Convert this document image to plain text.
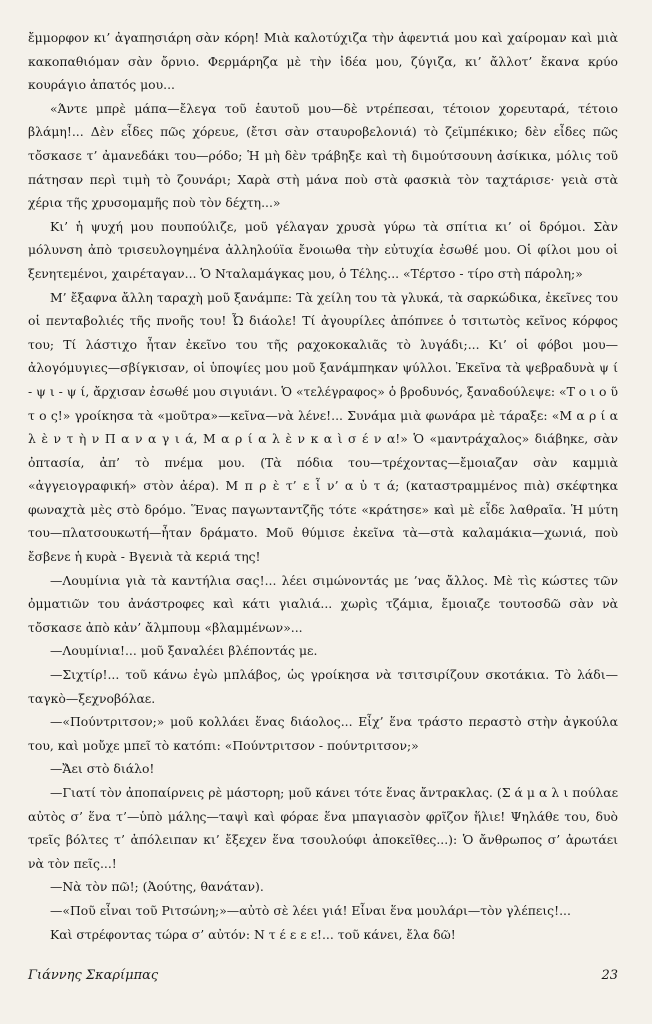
ἔμμορφον κι’ ἀγαπησιάρη σὰν κόρη! Μιὰ καλοτύχιζα τὴν ἀφεντιά μου καὶ χαίρομαν καὶ μιὰ κακοπαθιόμαν σὰν ὄρνιο. Φερμάρηζα μὲ τὴν ἰδέα μου, ζύγιζα, κι’ ἄλλοτ’ ἔκανα κρύο κουράγιο ἀπατός μου...

«Άντε μπρὲ μάπα—ἔλεγα τοῦ ἑαυτοῦ μου—δὲ ντρέπεσαι, τέτοιον χορευταρά, τέτοιο βλάμη!... Δὲν εἶδες πῶς χόρευε, (ἔτσι σὰν σταυροβελονιά) τὸ ζεϊμπέκικο; δὲν εἶδες πῶς τὄσκασε τ’ ἀμανεδάκι του—ρόδο; Ἡ μὴ δὲν τράβηξε καὶ τὴ διμούτσουνη ἀσίκικα, μόλις τοῦ πάτησαν περὶ τιμὴ τὸ ζουνάρι; Χαρὰ στὴ μάνα ποὺ στὰ φασκιὰ τὸν ταχτάρισε· γειὰ στὰ χέρια τῆς χρυσομαμῆς ποὺ τὸν δέχτη...»

Κι’ ἡ ψυχή μου πουπούλιζε, μοῦ γέλαγαν χρυσὰ γύρω τὰ σπίτια κι’ οἱ δρόμοι. Σὰν μόλυνση ἀπὸ τρισευλογημένα ἀλληλούϊα ἔνοιωθα τὴν εὐτυχία ἐσωθέ μου. Οἱ φίλοι μου οἱ ξενητεμένοι, χαιρέταγαν... Ὁ Νταλαμάγκας μου, ὁ Τέλης... «Τέρτσο - τίρο στὴ πάρολη;»

Μ’ ἔξαφνα ἄλλη ταραχὴ μοῦ ξανάμπε: Τὰ χείλη του τὰ γλυκά, τὰ σαρκώδικα, ἐκεῖνες του οἱ πενταβολιές τῆς πνοῆς του! Ὦ διάολε! Τί ἀγουρίλες ἀπόπνεε ὁ τσιτωτὸς κεῖνος κόρφος του; Τί λάστιχο ἦταν ἐκεῖνο του τῆς ραχοκοκαλιᾶς τὸ λυγάδι;... Κι’ οἱ φόβοι μου—ἀλογόμυγιες—σβίγκισαν, οἱ ὑποψίες μου μοῦ ξανάμπηκαν ψύλλοι. Ἐκεῖνα τὰ ψεβραδυνὰ ψ ί - ψ ι - ψ ί, ἄρχισαν ἐσωθέ μου σιγυιάνι. Ὁ «τελέγραφος» ὁ βροδυνός, ξαναδούλεψε: «Τ ο ι ο ῦ τ ο ς!» γροίκησα τὰ «μοῦτρα»—κεῖνα—νὰ λένε!... Συνάμα μιὰ φωνάρα μὲ τάραξε: «Μ α ρ ί α λ ὲ ν τ ὴ ν Π α ν α γ ι ά, Μ α ρ ί α λ ὲ ν κ α ὶ σ έ ν α!» Ὁ «μαντράχαλος» διάβηκε, σὰν ὀπτασία, ἀπ’ τὸ πνέμα μου. (Τὰ πόδια του—τρέχοντας—ἔμοιαζαν σὰν καμμιὰ «ἀγγειογραφική» στὸν ἀέρα). Μ π ρ ὲ τ’ ε ἶ ν’ α ὐ τ ά; (καταστραμμένος πιὰ) σκέφτηκα φωναχτὰ μὲς στὸ δρόμο. Ἕνας παγωνταντζῆς τότε «κράτησε» καὶ μὲ εἶδε λαθραῖα. Ἡ μύτη του—πλατσουκωτή—ἦταν δράματο. Μοῦ θύμισε ἐκεῖνα τὰ—στὰ καλαμάκια—χωνιά, ποὺ ἔσβενε ἡ κυρὰ - Βγενιὰ τὰ κεριά της!

—Λουμίνια γιὰ τὰ καντήλια σας!... λέει σιμώνοντάς με ’νας ἄλλος. Μὲ τὶς κώστες τῶν ὀμματιῶν του ἀνάστροφες καὶ κάτι γιαλιά... χωρὶς τζάμια, ἔμοιαζε τουτοσδῶ σὰν νὰ τὄσκασε ἀπὸ κἀν’ ἄλμπουμ «βλαμμένων»...

—Λουμίνια!... μοῦ ξαναλέει βλέποντάς με.

—Σιχτίρ!... τοῦ κάνω ἐγὼ μπλάβος, ὡς γροίκησα νὰ τσιτσιρίζουν σκοτάκια. Τὸ λάδι—ταγκὸ—ξεχνοβόλαε.

—«Πούντριτσον;» μοῦ κολλάει ἕνας διάολος... Εἶχ’ ἕνα τράστο περαστὸ στὴν ἀγκούλα του, καὶ μοὔχε μπεῖ τὸ κατόπι: «Πούντριτσον - πούντριτσον;»

—Ἄει στὸ διάλο!

—Γιατί τὸν ἀποπαίρνεις ρὲ μάστορη; μοῦ κάνει τότε ἕνας ἄντρακλας. (Σ ά μ α λ ι πούλαε αὐτὸς σ’ ἕνα τ’—ὑπὸ μάλης—ταψὶ καὶ φόραε ἕνα μπαγιασὸν φρῖζον ἥλιε! Ψηλάθε του, δυὸ τρεῖς βόλτες τ’ ἀπόλειπαν κι’ ἔξεχεν ἕνα τσουλούφι ἀποκεῖθες...): Ὁ ἄνθρωπος σ’ ἀρωτάει νὰ τὸν πεῖς...!

—Νὰ τὸν πῶ!; (Ἀούτης, θανάταν).

—«Ποῦ εἶναι τοῦ Ριτσώνη;»—αὐτὸ σὲ λέει γιά! Εἶναι ἕνα μουλάρι—τὸν γλέπεις!...

Καὶ στρέφοντας τώρα σ’ αὐτόν: Ν τ έ ε ε ε!... τοῦ κάνει, ἔλα δῶ!

Γιάννης Σκαρίμπας	23
